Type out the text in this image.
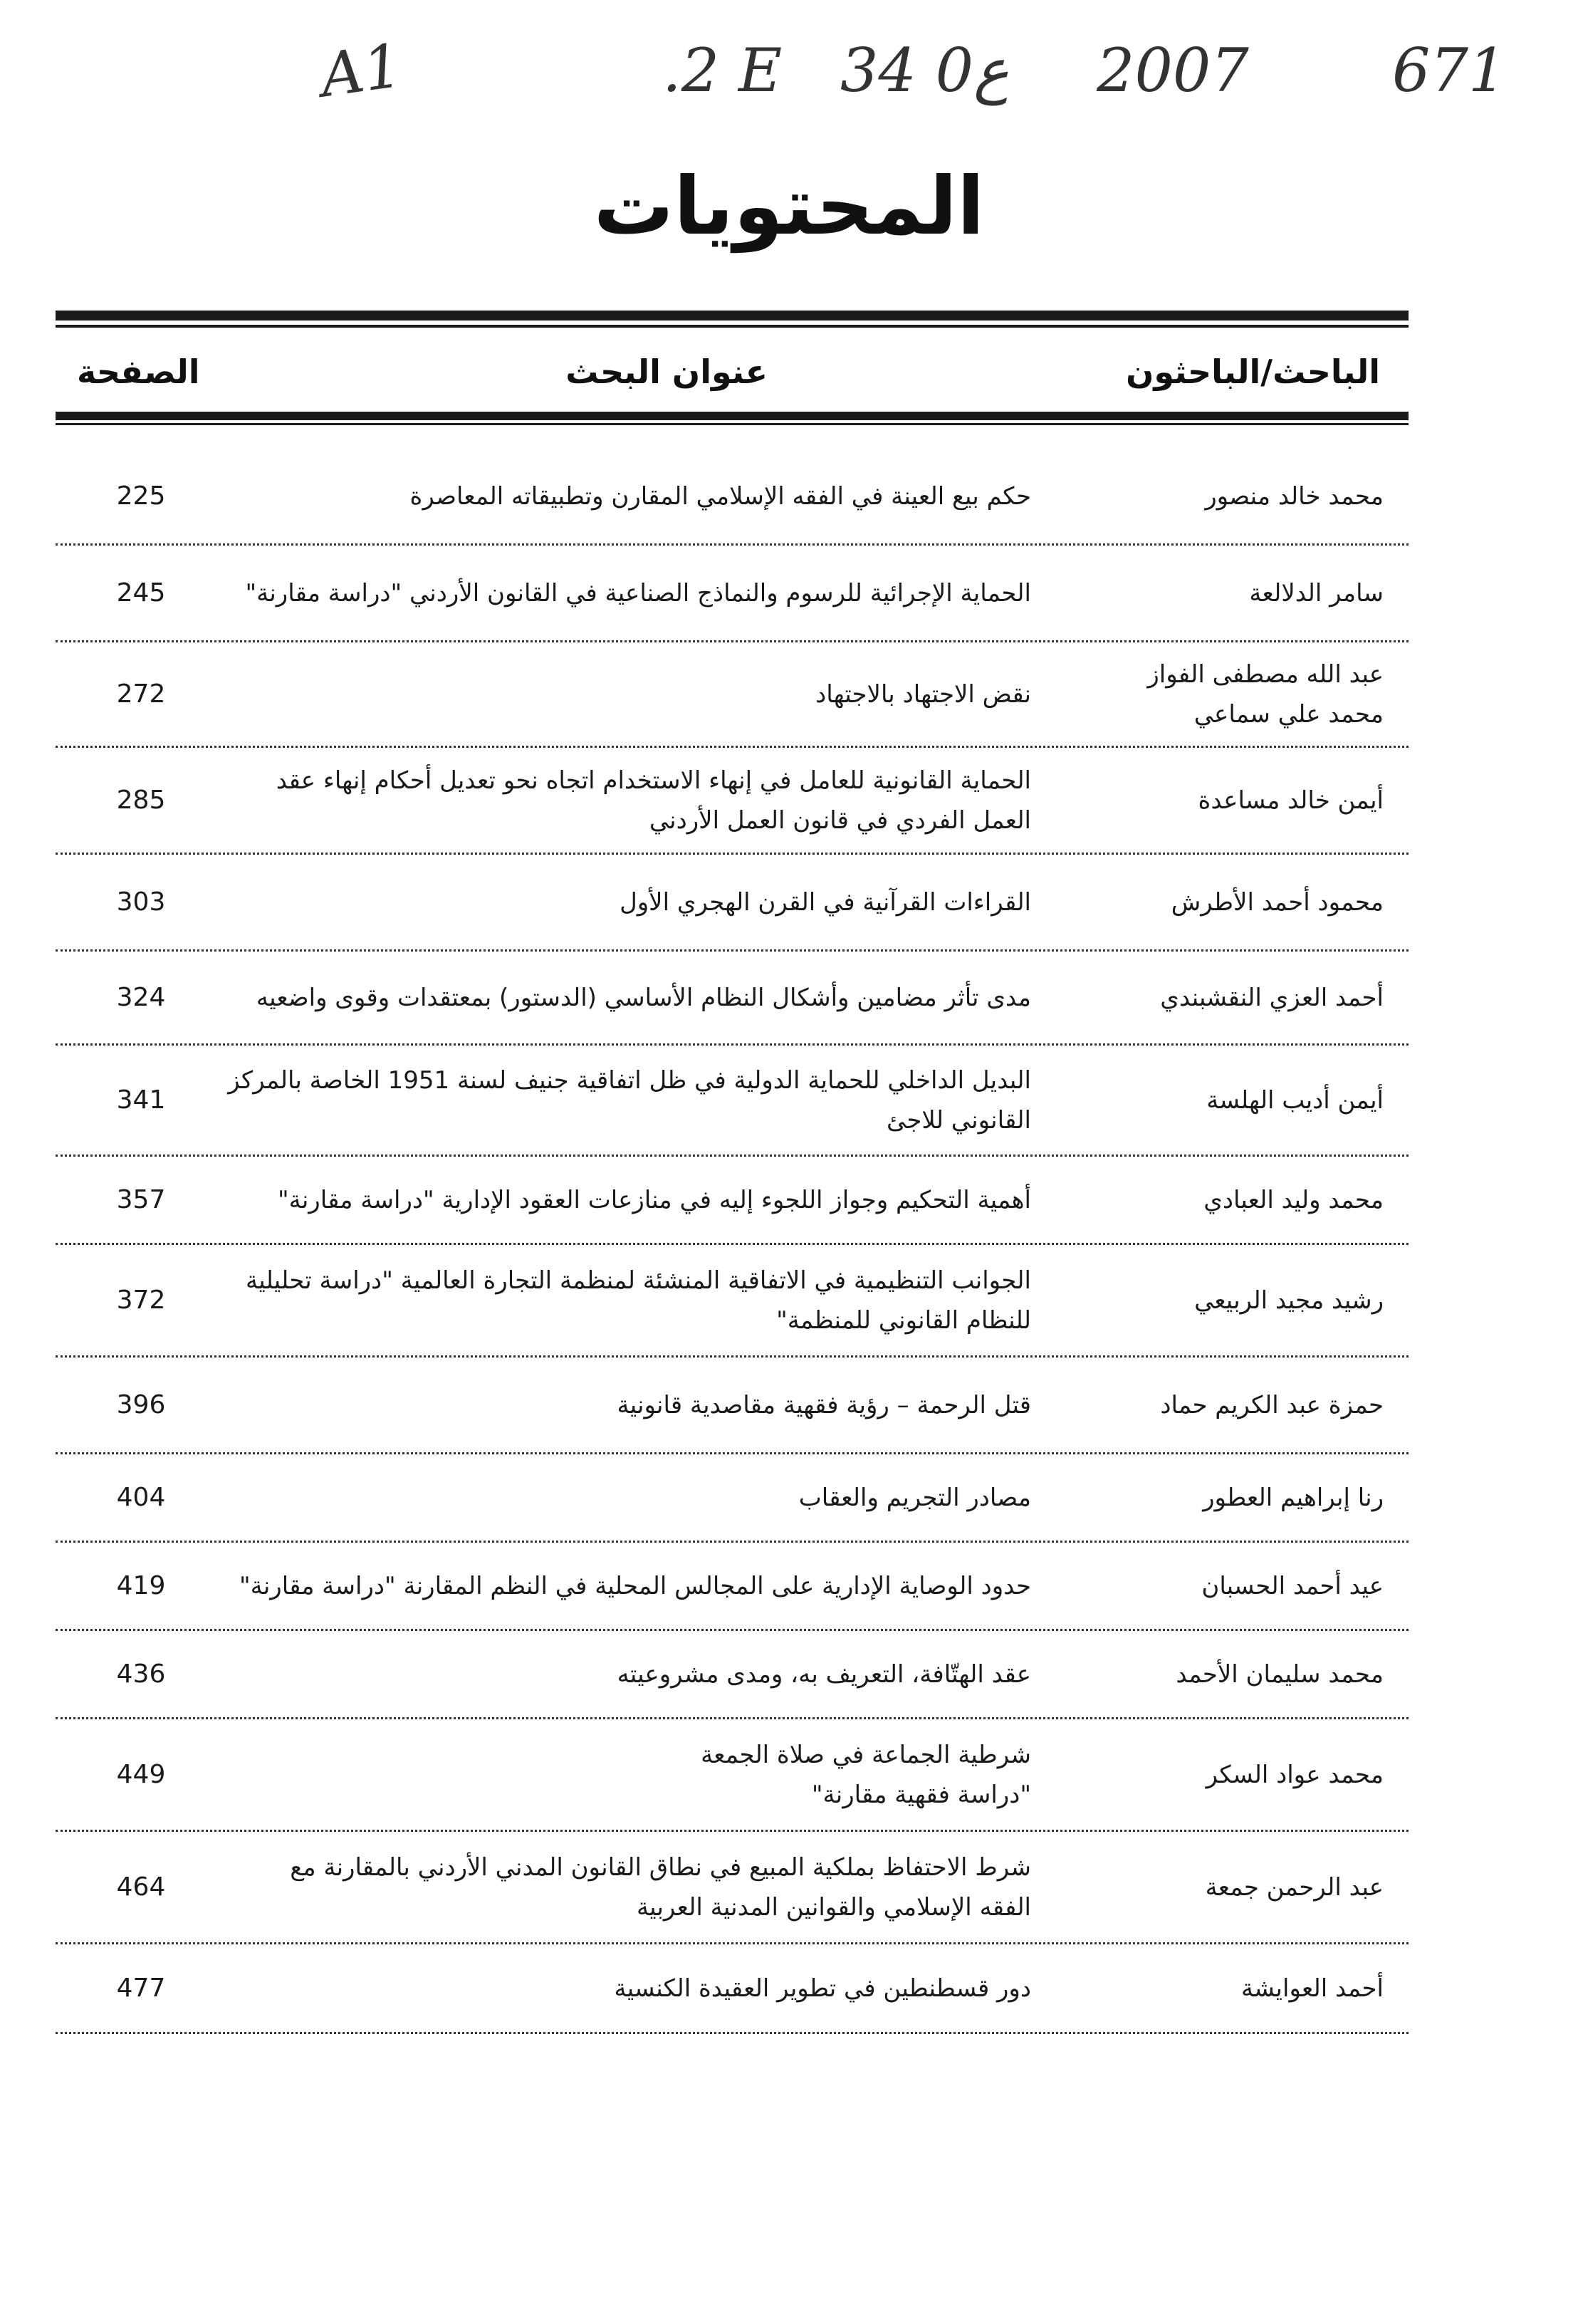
A1	.2 E 34 ع0 2007 671
المحتويات
الباحث/الباحثون
عنوان البحث
الصفحة
محمد خالد منصور
حكم بيع العينة في الفقه الإسلامي المقارن وتطبيقاته المعاصرة
225
سامر الدلالعة
الحماية الإجرائية للرسوم والنماذج الصناعية في القانون الأردني "دراسة مقارنة"
245
عبد الله مصطفى الفواز
محمد علي سماعي
نقض الاجتهاد بالاجتهاد
272
أيمن خالد مساعدة
الحماية القانونية للعامل في إنهاء الاستخدام اتجاه نحو تعديل أحكام إنهاء عقد
العمل الفردي في قانون العمل الأردني
285
محمود أحمد الأطرش
القراءات القرآنية في القرن الهجري الأول
303
أحمد العزي النقشبندي
مدى تأثر مضامين وأشكال النظام الأساسي (الدستور) بمعتقدات وقوى واضعيه
324
أيمن أديب الهلسة
البديل الداخلي للحماية الدولية في ظل اتفاقية جنيف لسنة 1951 الخاصة بالمركز
القانوني للاجئ
341
محمد وليد العبادي
أهمية التحكيم وجواز اللجوء إليه في منازعات العقود الإدارية "دراسة مقارنة"
357
رشيد مجيد الربيعي
الجوانب التنظيمية في الاتفاقية المنشئة لمنظمة التجارة العالمية "دراسة تحليلية
للنظام القانوني للمنظمة"
372
حمزة عبد الكريم حماد
قتل الرحمة – رؤية فقهية مقاصدية قانونية
396
رنا إبراهيم العطور
مصادر التجريم والعقاب
404
عيد أحمد الحسبان
حدود الوصاية الإدارية على المجالس المحلية في النظم المقارنة "دراسة مقارنة"
419
محمد سليمان الأحمد
عقد الهتّافة، التعريف به، ومدى مشروعيته
436
محمد عواد السكر
شرطية الجماعة في صلاة الجمعة
"دراسة فقهية مقارنة"
449
عبد الرحمن جمعة
شرط الاحتفاظ بملكية المبيع في نطاق القانون المدني الأردني بالمقارنة مع
الفقه الإسلامي والقوانين المدنية العربية
464
أحمد العوايشة
دور قسطنطين في تطوير العقيدة الكنسية
477
